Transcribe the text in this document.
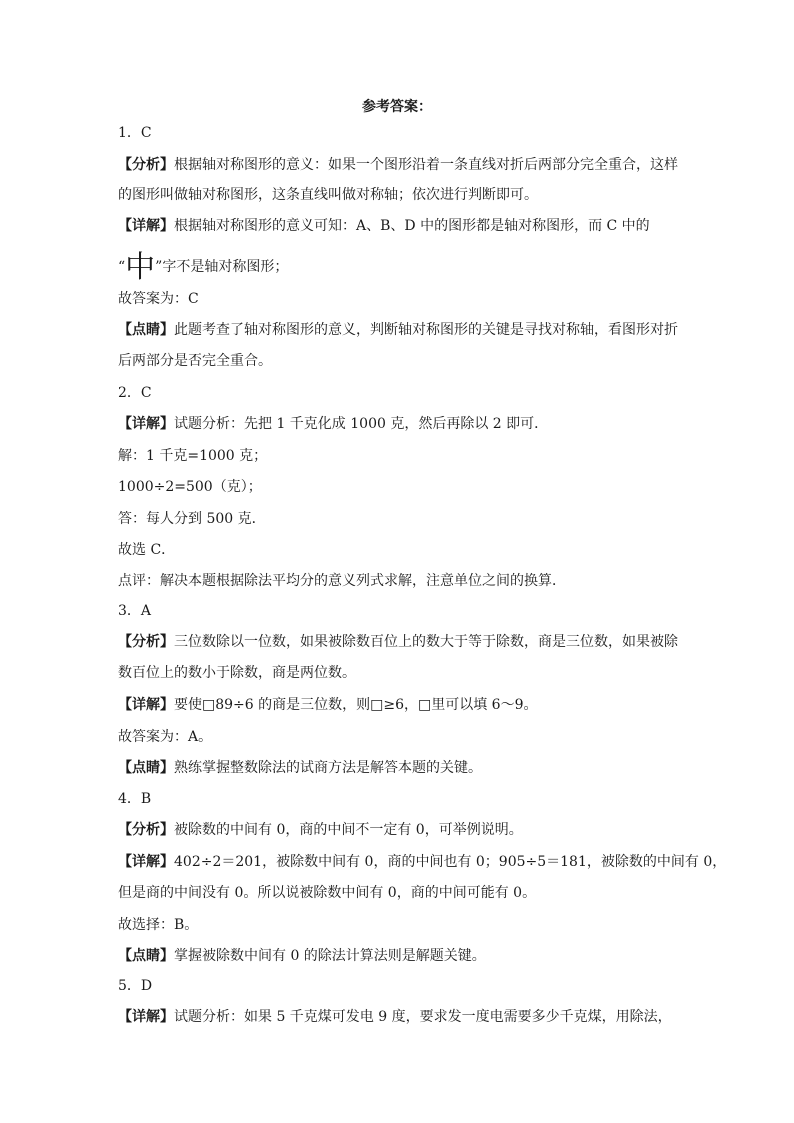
参考答案：
1．C
【分析】根据轴对称图形的意义：如果一个图形沿着一条直线对折后两部分完全重合，这样
的图形叫做轴对称图形，这条直线叫做对称轴；依次进行判断即可。
【详解】根据轴对称图形的意义可知：A、B、D 中的图形都是轴对称图形，而 C 中的
“中”字不是轴对称图形；
故答案为：C
【点睛】此题考查了轴对称图形的意义，判断轴对称图形的关键是寻找对称轴，看图形对折
后两部分是否完全重合。
2．C
【详解】试题分析：先把 1 千克化成 1000 克，然后再除以 2 即可．
解：1 千克=1000 克；
1000÷2=500（克）；
答：每人分到 500 克．
故选 C．
点评：解决本题根据除法平均分的意义列式求解，注意单位之间的换算．
3．A
【分析】三位数除以一位数，如果被除数百位上的数大于等于除数，商是三位数，如果被除
数百位上的数小于除数，商是两位数。
【详解】要使□89÷6 的商是三位数，则□≥6，□里可以填 6～9。
故答案为：A。
【点睛】熟练掌握整数除法的试商方法是解答本题的关键。
4．B
【分析】被除数的中间有 0，商的中间不一定有 0，可举例说明。
【详解】402÷2＝201，被除数中间有 0，商的中间也有 0；905÷5＝181，被除数的中间有 0，
但是商的中间没有 0。所以说被除数中间有 0，商的中间可能有 0。
故选择：B。
【点睛】掌握被除数中间有 0 的除法计算法则是解题关键。
5．D
【详解】试题分析：如果 5 千克煤可发电 9 度，要求发一度电需要多少千克煤，用除法，
